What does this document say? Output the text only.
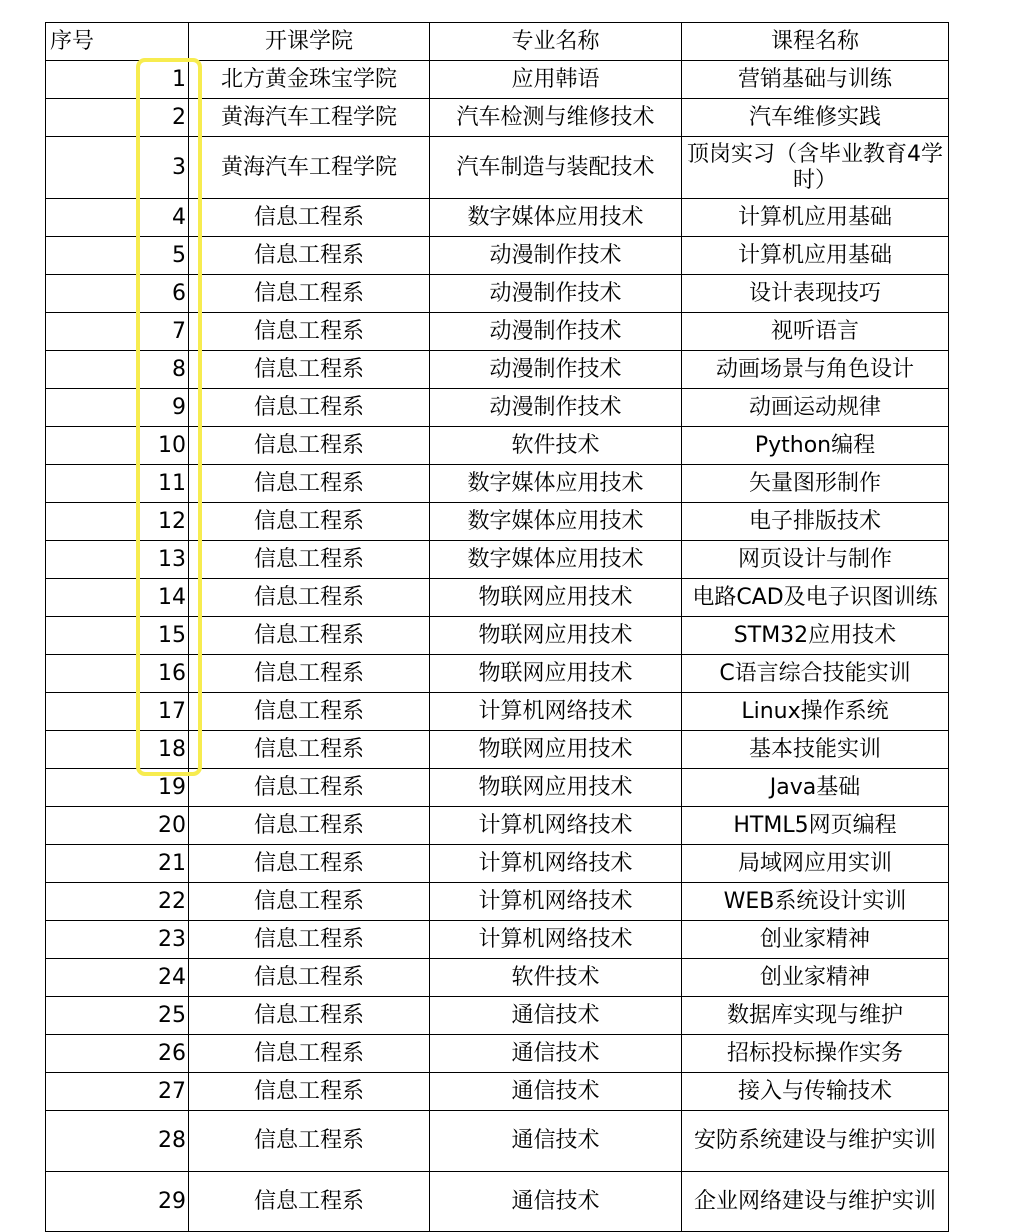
序号	开课学院	专业名称	课程名称
1	北方黄金珠宝学院	应用韩语	营销基础与训练
2	黄海汽车工程学院	汽车检测与维修技术	汽车维修实践
3	黄海汽车工程学院	汽车制造与装配技术	顶岗实习（含毕业教育4学时）
4	信息工程系	数字媒体应用技术	计算机应用基础
5	信息工程系	动漫制作技术	计算机应用基础
6	信息工程系	动漫制作技术	设计表现技巧
7	信息工程系	动漫制作技术	视听语言
8	信息工程系	动漫制作技术	动画场景与角色设计
9	信息工程系	动漫制作技术	动画运动规律
10	信息工程系	软件技术	Python编程
11	信息工程系	数字媒体应用技术	矢量图形制作
12	信息工程系	数字媒体应用技术	电子排版技术
13	信息工程系	数字媒体应用技术	网页设计与制作
14	信息工程系	物联网应用技术	电路CAD及电子识图训练
15	信息工程系	物联网应用技术	STM32应用技术
16	信息工程系	物联网应用技术	C语言综合技能实训
17	信息工程系	计算机网络技术	Linux操作系统
18	信息工程系	物联网应用技术	基本技能实训
19	信息工程系	物联网应用技术	Java基础
20	信息工程系	计算机网络技术	HTML5网页编程
21	信息工程系	计算机网络技术	局域网应用实训
22	信息工程系	计算机网络技术	WEB系统设计实训
23	信息工程系	计算机网络技术	创业家精神
24	信息工程系	软件技术	创业家精神
25	信息工程系	通信技术	数据库实现与维护
26	信息工程系	通信技术	招标投标操作实务
27	信息工程系	通信技术	接入与传输技术
28	信息工程系	通信技术	安防系统建设与维护实训
29	信息工程系	通信技术	企业网络建设与维护实训
